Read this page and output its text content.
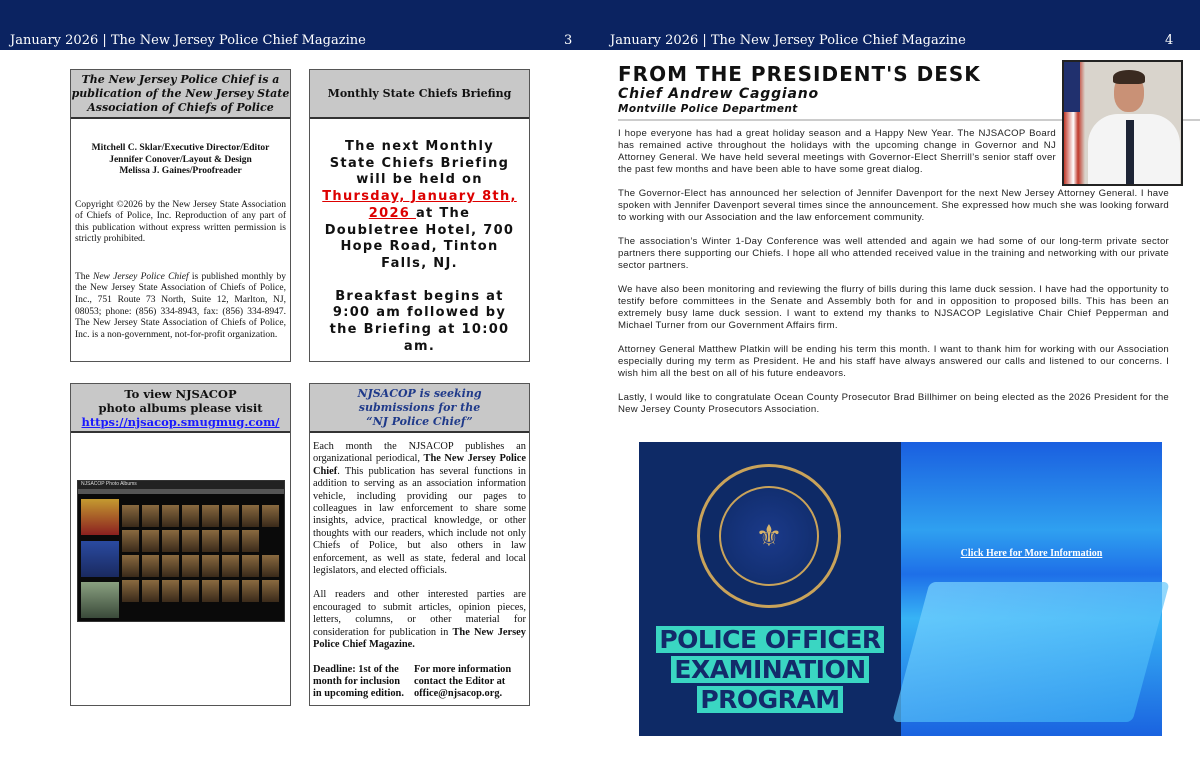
January 2026 | The New Jersey Police Chief Magazine	3	January 2026 | The New Jersey Police Chief Magazine	4
The New Jersey Police Chief is a
publication of the New Jersey State
Association of Chiefs of Police
Mitchell C. Sklar/Executive Director/Editor
Jennifer Conover/Layout & Design
Melissa J. Gaines/Proofreader
Copyright ©2026 by the New Jersey State Association of Chiefs of Police, Inc. Reproduction of any part of this publication without express written permission is strictly prohibited.
The New Jersey Police Chief is published monthly by the New Jersey State Association of Chiefs of Police, Inc., 751 Route 73 North, Suite 12, Marlton, NJ, 08053; phone: (856) 334-8943, fax: (856) 334-8947. The New Jersey State Association of Chiefs of Police, Inc. is a non-government, not-for-profit organization.
Monthly State Chiefs Briefing
The next Monthly State Chiefs Briefing will be held on Thursday, January 8th, 2026 at The Doubletree Hotel, 700 Hope Road, Tinton Falls, NJ.
Breakfast begins at 9:00 am followed by the Briefing at 10:00 am.
To view NJSACOP
photo albums please visit
https://njsacop.smugmug.com/
NJSACOP Photo Albums
NJSACOP is seeking
submissions for the
“NJ Police Chief”
Each month the NJSACOP publishes an organizational periodical, The New Jersey Police Chief. This publication has several functions in addition to serving as an association information vehicle, including providing our pages to colleagues in law enforcement to share some insights, advice, practical knowledge, or other thoughts with our readers, which include not only Chiefs of Police, but also others in law enforcement, as well as state, federal and local legislators, and elected officials.
All readers and other interested parties are encouraged to submit articles, opinion pieces, letters, columns, or other material for consideration for publication in The New Jersey Police Chief Magazine.
Deadline: 1st of the
month for inclusion
in upcoming edition.
For more information
contact the Editor at
office@njsacop.org.
FROM THE PRESIDENT'S DESK
Chief Andrew Caggiano
Montville Police Department

I hope everyone has had a great holiday season and a Happy New Year. The NJSACOP Board has remained active throughout the holidays with the upcoming change in Governor and NJ Attorney General. We have held several meetings with Governor-Elect Sherrill’s senior staff over the past few months and have been able to have some great dialog.

The Governor-Elect has announced her selection of Jennifer Davenport for the next New Jersey Attorney General. I have spoken with Jennifer Davenport several times since the announcement. She expressed how much she was looking forward to working with our Association and the law enforcement community.

The association’s Winter 1-Day Conference was well attended and again we had some of our long-term private sector partners there supporting our Chiefs. I hope all who attended received value in the training and networking with our private sector partners.

We have also been monitoring and reviewing the flurry of bills during this lame duck session. I have had the opportunity to testify before committees in the Senate and Assembly both for and in opposition to proposed bills. This has been an extremely busy lame duck session. I want to extend my thanks to NJSACOP Legislative Chair Chief Pepperman and Michael Turner from our Government Affairs firm.

Attorney General Matthew Platkin will be ending his term this month. I want to thank him for working with our Association especially during my term as President. He and his staff have always answered our calls and listened to our concerns. I wish him all the best on all of his future endeavors.

Lastly, I would like to congratulate Ocean County Prosecutor Brad Billhimer on being elected as the 2026 President for the New Jersey County Prosecutors Association.

⚜
POLICE OFFICER
EXAMINATION
PROGRAM
Click Here for More Information
